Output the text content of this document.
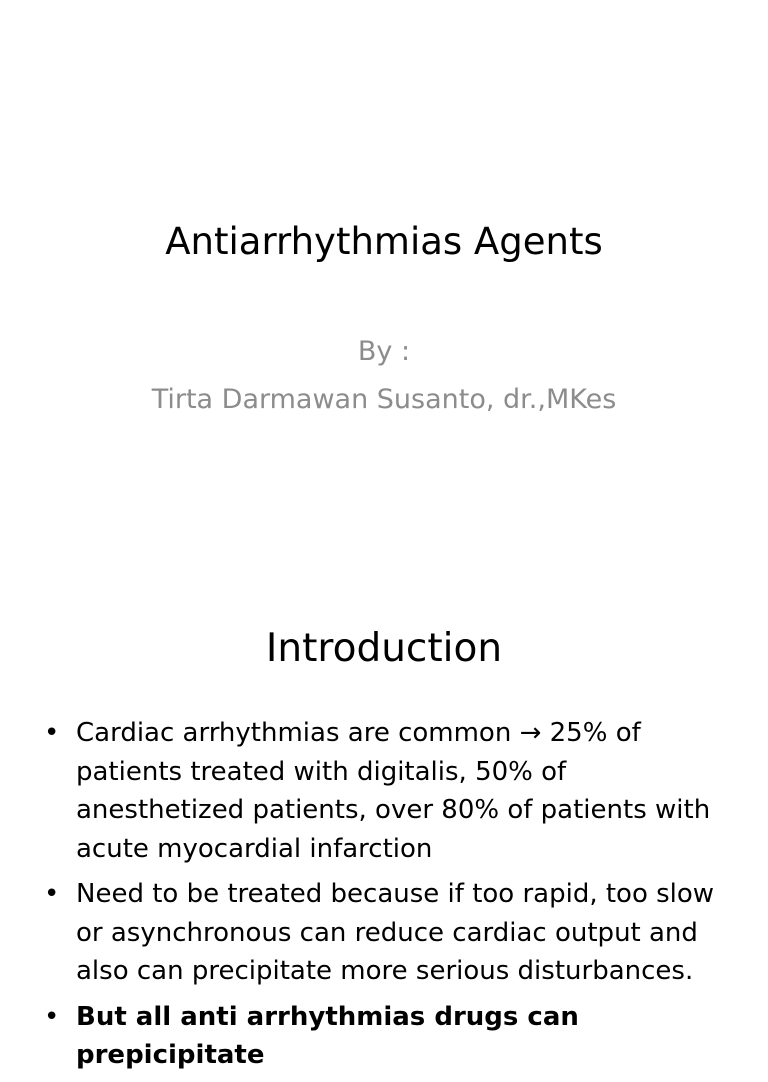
Antiarrhythmias Agents
By :
Tirta Darmawan Susanto, dr.,MKes
Introduction
• Cardiac arrhythmias are common → 25% of patients treated with digitalis, 50% of anesthetized patients, over 80% of patients with acute myocardial infarction
• Need to be treated because if too rapid, too slow or asynchronous can reduce cardiac output and also can precipitate more serious disturbances.
• But all anti arrhythmias drugs can prepicipitate
